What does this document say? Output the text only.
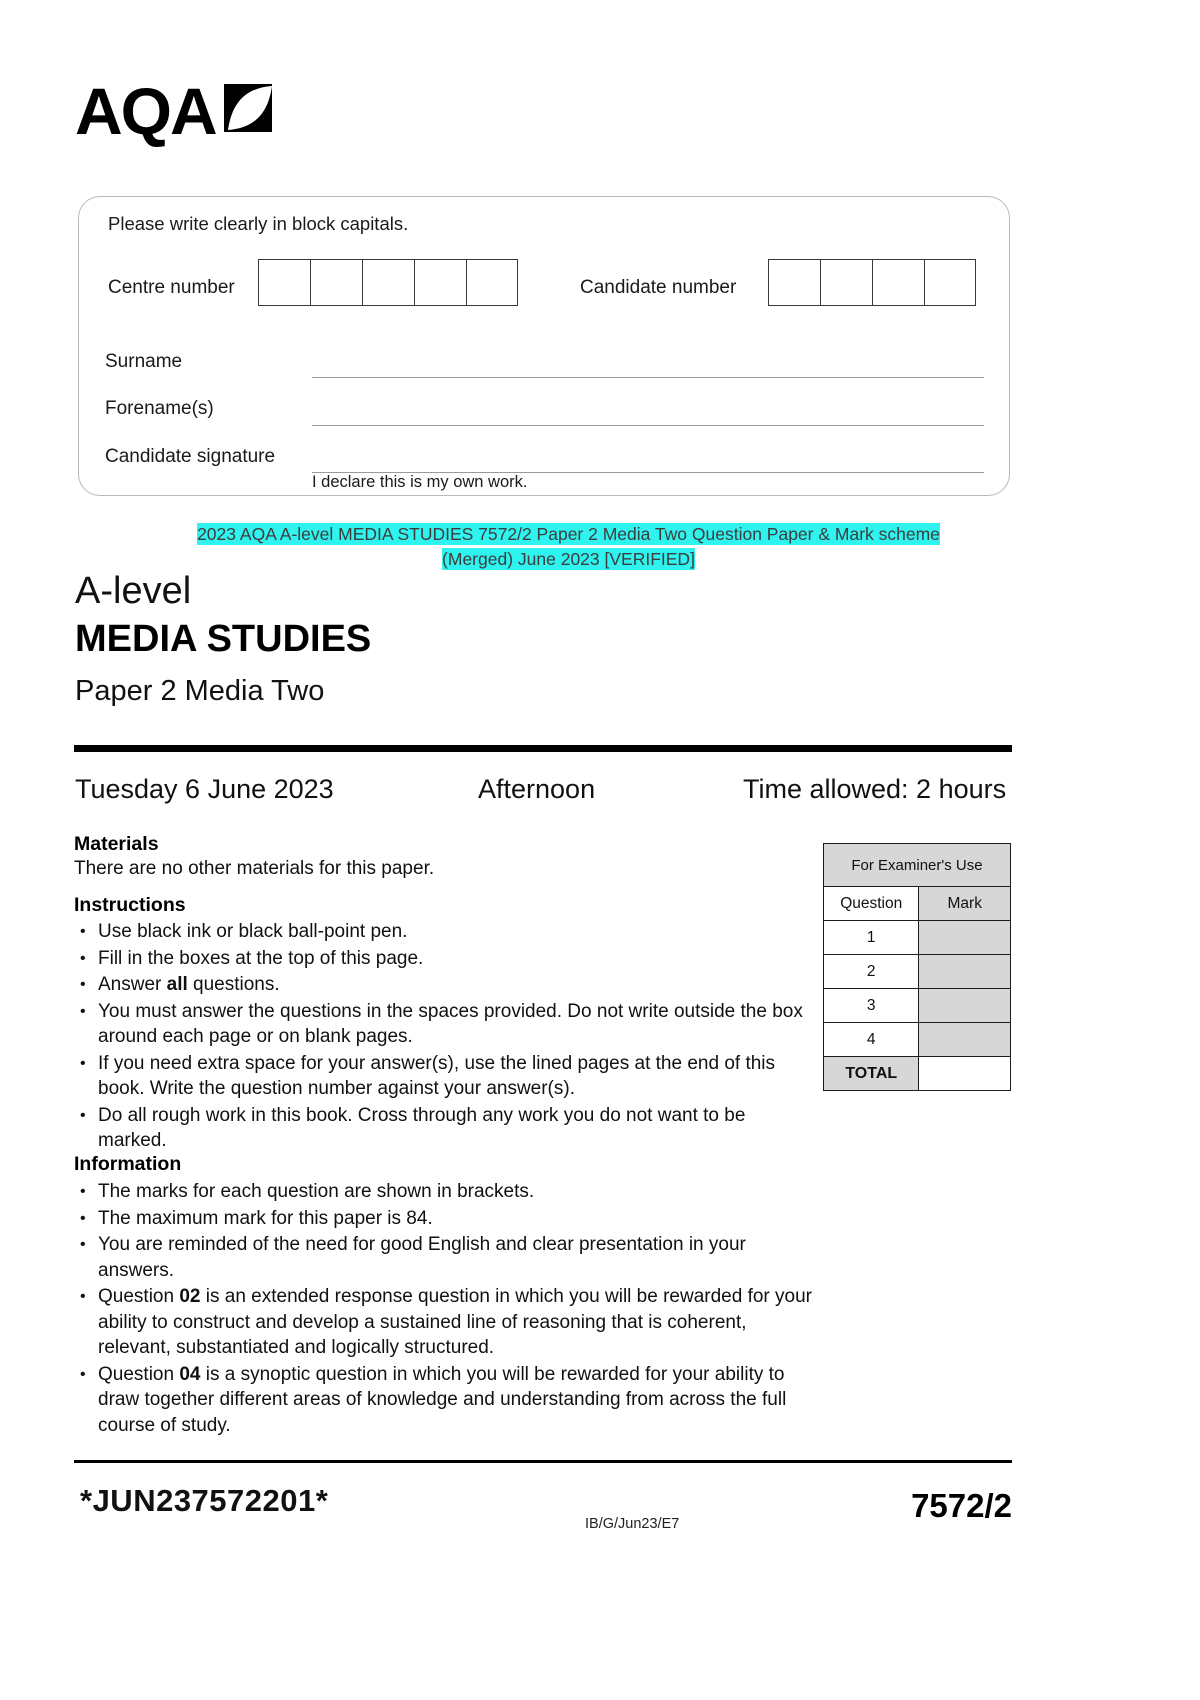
AQA
Please write clearly in block capitals.
Centre number	Candidate number
Surname
Forename(s)
Candidate signature
I declare this is my own work.
2023 AQA A-level MEDIA STUDIES 7572/2 Paper 2 Media Two Question Paper & Mark scheme (Merged) June 2023 [VERIFIED]
A-level
MEDIA STUDIES
Paper 2 Media Two
Tuesday 6 June 2023	Afternoon	Time allowed: 2 hours
Materials
There are no other materials for this paper.
Instructions
• Use black ink or black ball-point pen.
• Fill in the boxes at the top of this page.
• Answer all questions.
• You must answer the questions in the spaces provided. Do not write outside the box around each page or on blank pages.
• If you need extra space for your answer(s), use the lined pages at the end of this book. Write the question number against your answer(s).
• Do all rough work in this book. Cross through any work you do not want to be marked.
Information
• The marks for each question are shown in brackets.
• The maximum mark for this paper is 84.
• You are reminded of the need for good English and clear presentation in your answers.
• Question 02 is an extended response question in which you will be rewarded for your ability to construct and develop a sustained line of reasoning that is coherent, relevant, substantiated and logically structured.
• Question 04 is a synoptic question in which you will be rewarded for your ability to draw together different areas of knowledge and understanding from across the full course of study.
For Examiner's Use	
Question	Mark
1	
2	
3	
4	
TOTAL	
*JUN237572201*
IB/G/Jun23/E7	7572/2
